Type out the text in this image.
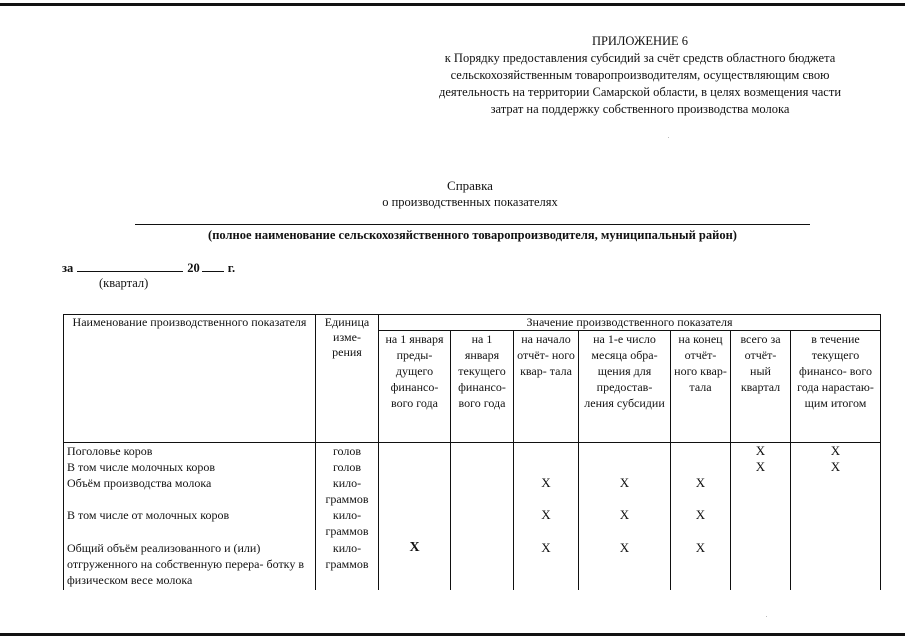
ПРИЛОЖЕНИЕ 6
к Порядку предоставления субсидий за счёт средств областного бюджета
сельскохозяйственным товаропроизводителям, осуществляющим свою
деятельность на территории Самарской области, в целях возмещения части
затрат на поддержку собственного производства молока
Справка
о производственных показателях
(полное наименование сельскохозяйственного товаропроизводителя, муниципальный район)
за	20 г.
(квартал)
Наименование производственного показателя	Единица изме- рения	Значение производственного показателя						
		на 1 января преды- дущего финансо- вого года	на 1 января текущего финансо- вого года	на начало отчёт- ного квар- тала	на 1-е число месяца обра- щения для предостав- ления субсидии	на конец отчёт- ного квар- тала	всего за отчёт- ный квартал	в течение текущего финансо- вого года нарастаю- щим итогом
Поголовье коров	голов						X	X
В том числе молочных коров	голов						X	X
Объём производства молока	кило- граммов			X	X	X		
В том числе от молочных коров	кило- граммов			X	X	X		
Общий объём реализованного и (или) отгруженного на собственную перера- ботку в физическом весе молока	кило- граммов	X		X	X	X		
